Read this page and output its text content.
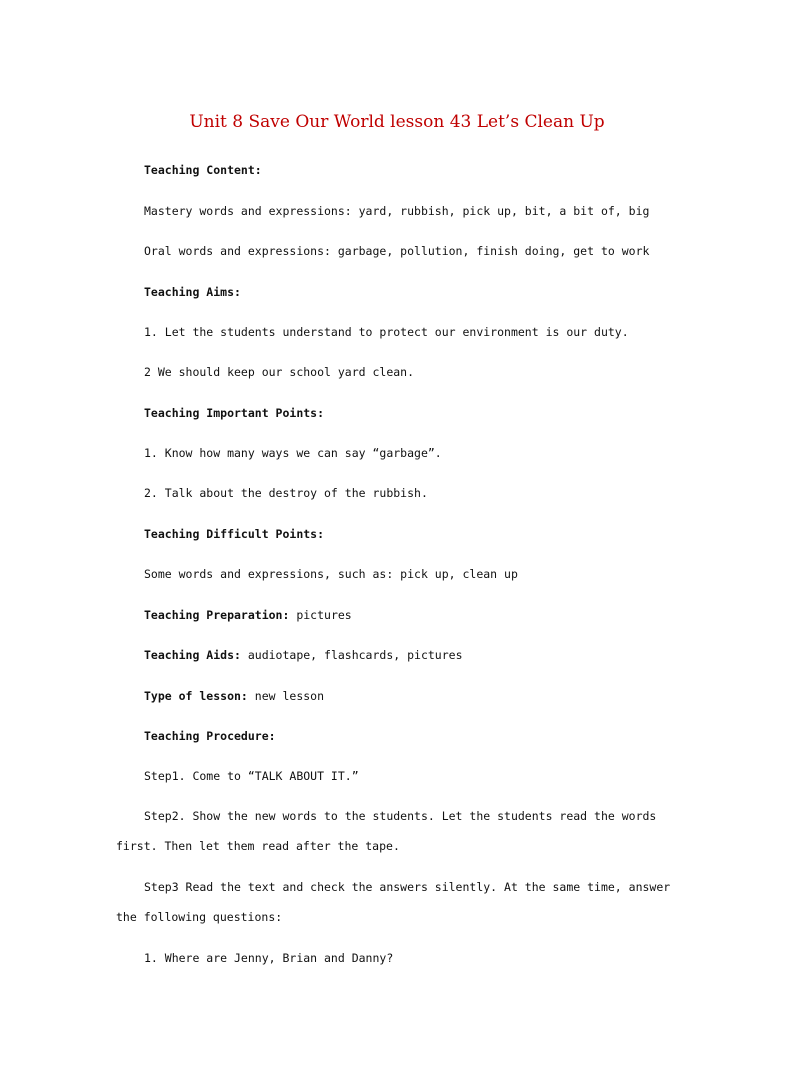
Unit 8 Save Our World lesson 43 Let’s Clean Up
Teaching Content:
Mastery words and expressions: yard, rubbish, pick up, bit, a bit of, big
Oral words and expressions: garbage, pollution, finish doing, get to work
Teaching Aims:
1. Let the students understand to protect our environment is our duty.
2 We should keep our school yard clean.
Teaching Important Points:
1. Know how many ways we can say “garbage”.
2. Talk about the destroy of the rubbish.
Teaching Difficult Points:
Some words and expressions, such as: pick up, clean up
Teaching Preparation: pictures
Teaching Aids: audiotape, flashcards, pictures
Type of lesson: new lesson
Teaching Procedure:
Step1. Come to “TALK ABOUT IT.”
Step2. Show the new words to the students. Let the students read the words first. Then let them read after the tape.
Step3 Read the text and check the answers silently. At the same time, answer the following questions:
1. Where are Jenny, Brian and Danny?
